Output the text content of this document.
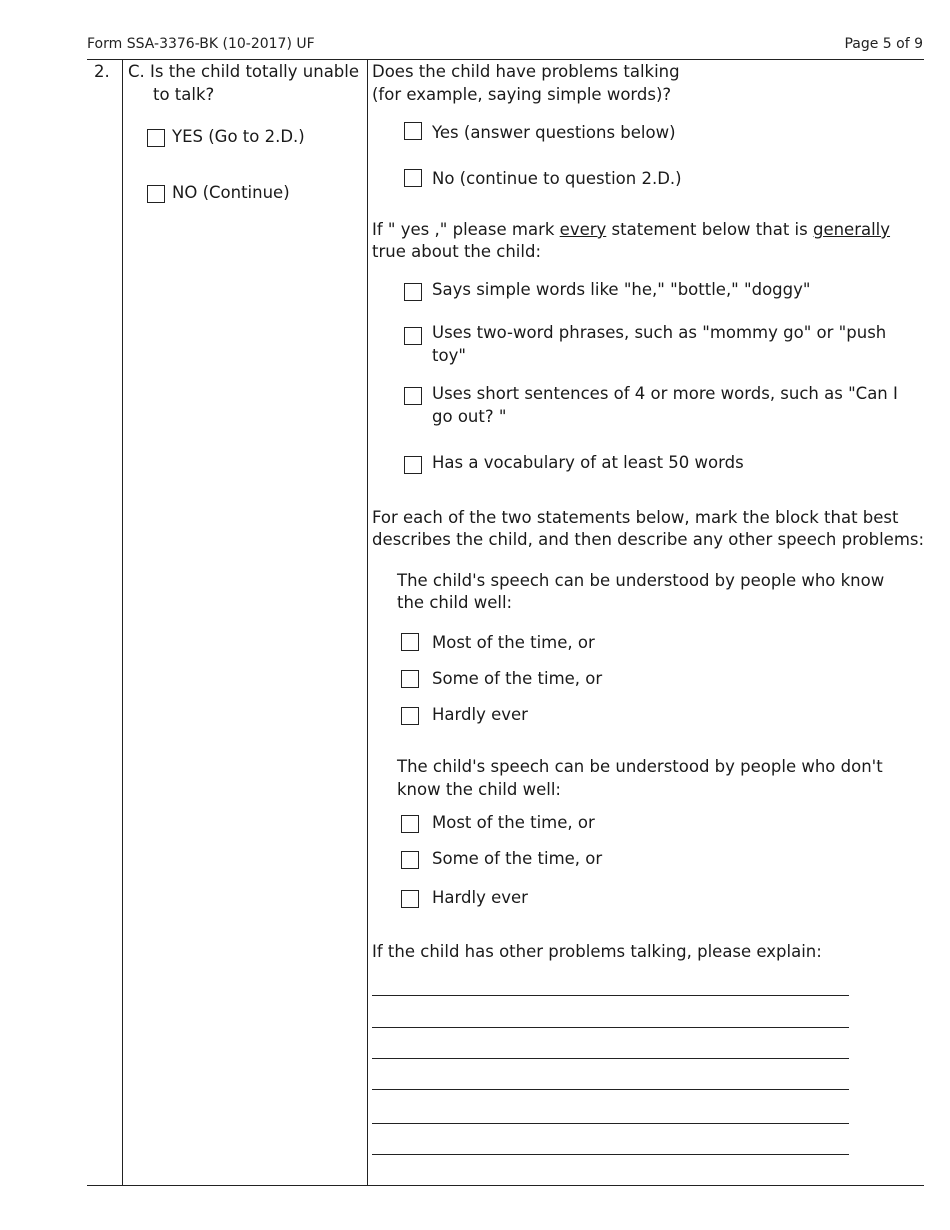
Form SSA-3376-BK (10-2017) UF	Page 5 of 9
2. C. Is the child totally unable
to talk?
YES (Go to 2.D.)
NO (Continue)
Does the child have problems talking
(for example, saying simple words)?
Yes (answer questions below)
No (continue to question 2.D.)
If " yes ," please mark every statement below that is generally
true about the child:
Says simple words like "he," "bottle," "doggy"
Uses two-word phrases, such as "mommy go" or "push
toy"
Uses short sentences of 4 or more words, such as "Can I
go out? "
Has a vocabulary of at least 50 words
For each of the two statements below, mark the block that best
describes the child, and then describe any other speech problems:
The child's speech can be understood by people who know
the child well:
Most of the time, or
Some of the time, or
Hardly ever
The child's speech can be understood by people who don't
know the child well:
Most of the time, or
Some of the time, or
Hardly ever
If the child has other problems talking, please explain:
